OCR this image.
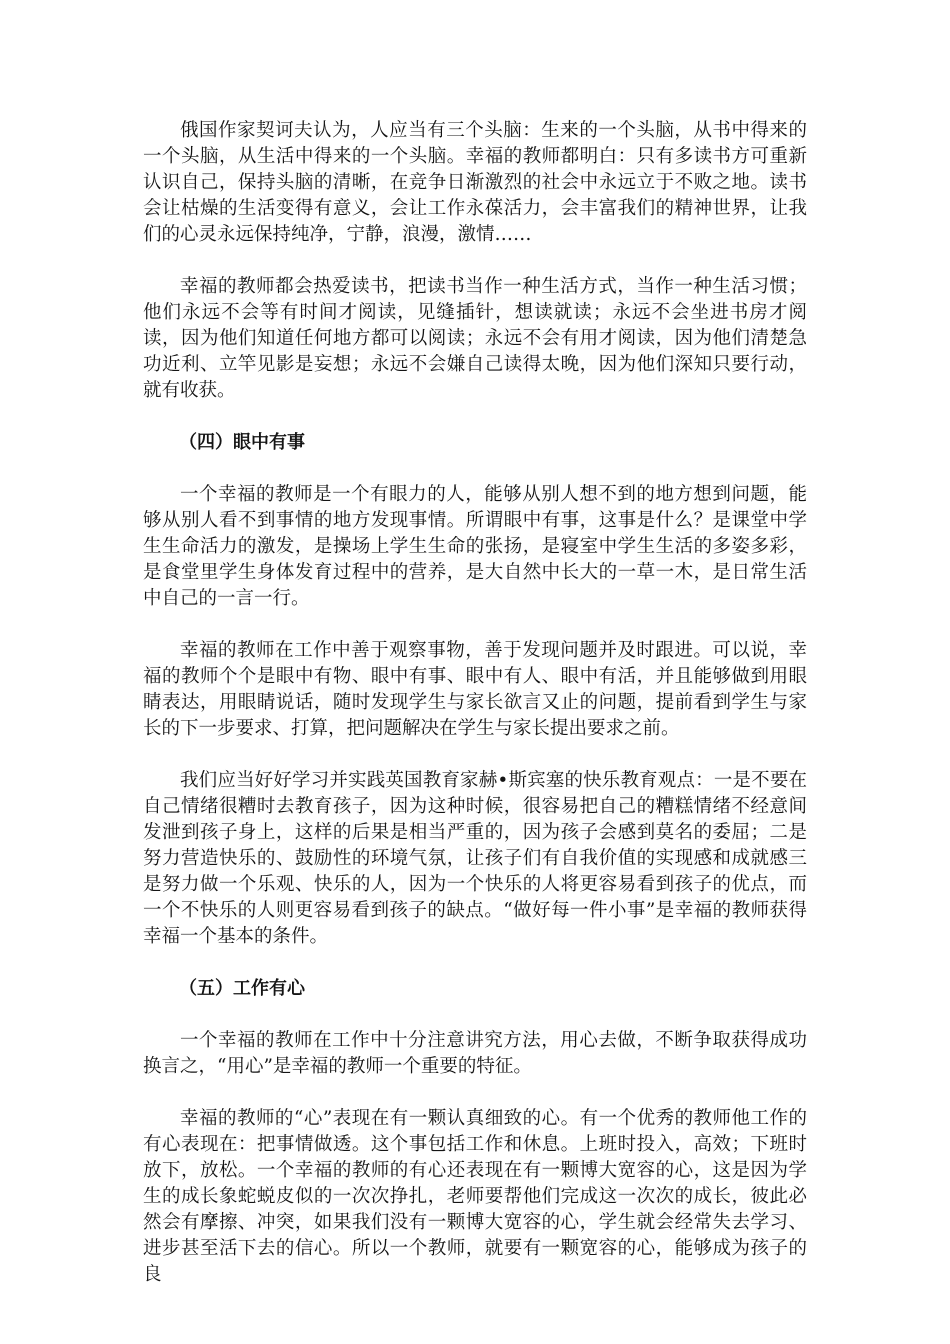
俄国作家契诃夫认为，人应当有三个头脑：生来的一个头脑，从书中得来的一个头脑，从生活中得来的一个头脑。幸福的教师都明白：只有多读书方可重新认识自己，保持头脑的清晰，在竞争日渐激烈的社会中永远立于不败之地。读书会让枯燥的生活变得有意义，会让工作永葆活力，会丰富我们的精神世界，让我们的心灵永远保持纯净，宁静，浪漫，激情……

幸福的教师都会热爱读书，把读书当作一种生活方式，当作一种生活习惯；他们永远不会等有时间才阅读，见缝插针，想读就读；永远不会坐进书房才阅读，因为他们知道任何地方都可以阅读；永远不会有用才阅读，因为他们清楚急功近利、立竿见影是妄想；永远不会嫌自己读得太晚，因为他们深知只要行动，就有收获。

（四）眼中有事

一个幸福的教师是一个有眼力的人，能够从别人想不到的地方想到问题，能够从别人看不到事情的地方发现事情。所谓眼中有事，这事是什么？是课堂中学生生命活力的激发，是操场上学生生命的张扬，是寝室中学生生活的多姿多彩，是食堂里学生身体发育过程中的营养，是大自然中长大的一草一木，是日常生活中自己的一言一行。

幸福的教师在工作中善于观察事物，善于发现问题并及时跟进。可以说，幸福的教师个个是眼中有物、眼中有事、眼中有人、眼中有活，并且能够做到用眼睛表达，用眼睛说话，随时发现学生与家长欲言又止的问题，提前看到学生与家长的下一步要求、打算，把问题解决在学生与家长提出要求之前。

我们应当好好学习并实践英国教育家赫•斯宾塞的快乐教育观点：一是不要在自己情绪很糟时去教育孩子，因为这种时候，很容易把自己的糟糕情绪不经意间发泄到孩子身上，这样的后果是相当严重的，因为孩子会感到莫名的委屈；二是努力营造快乐的、鼓励性的环境气氛，让孩子们有自我价值的实现感和成就感三是努力做一个乐观、快乐的人，因为一个快乐的人将更容易看到孩子的优点，而一个不快乐的人则更容易看到孩子的缺点。“做好每一件小事”是幸福的教师获得幸福一个基本的条件。

（五）工作有心

一个幸福的教师在工作中十分注意讲究方法，用心去做，不断争取获得成功换言之，“用心”是幸福的教师一个重要的特征。

幸福的教师的“心”表现在有一颗认真细致的心。有一个优秀的教师他工作的有心表现在：把事情做透。这个事包括工作和休息。上班时投入，高效；下班时放下，放松。一个幸福的教师的有心还表现在有一颗博大宽容的心，这是因为学生的成长象蛇蜕皮似的一次次挣扎，老师要帮他们完成这一次次的成长，彼此必然会有摩擦、冲突，如果我们没有一颗博大宽容的心，学生就会经常失去学习、进步甚至活下去的信心。所以一个教师，就要有一颗宽容的心，能够成为孩子的良
